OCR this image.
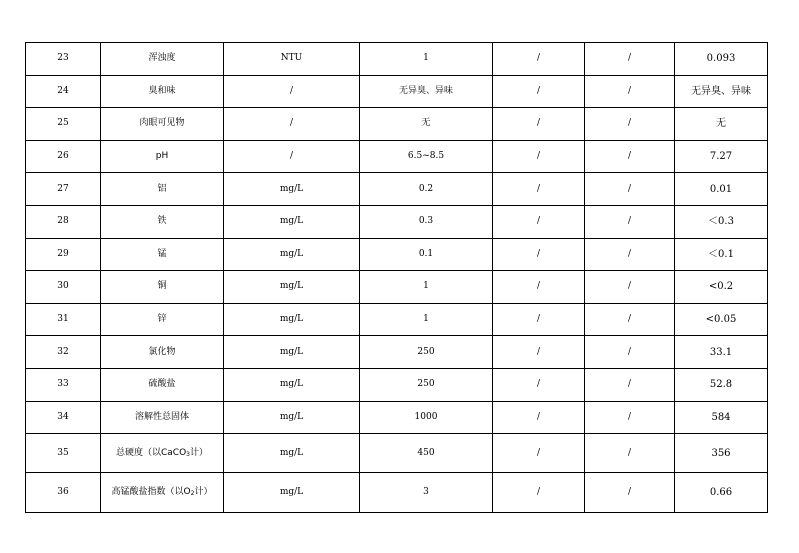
23	浑浊度	NTU	1	/	/	0.093
24	臭和味	/	无异臭、异味	/	/	无异臭、异味
25	肉眼可见物	/	无	/	/	无
26	pH	/	6.5~8.5	/	/	7.27
27	铝	mg/L	0.2	/	/	0.01
28	铁	mg/L	0.3	/	/	＜0.3
29	锰	mg/L	0.1	/	/	＜0.1
30	铜	mg/L	1	/	/	<0.2
31	锌	mg/L	1	/	/	<0.05
32	氯化物	mg/L	250	/	/	33.1
33	硫酸盐	mg/L	250	/	/	52.8
34	溶解性总固体	mg/L	1000	/	/	584
35	总硬度（以CaCO$_3$计）	mg/L	450	/	/	356
36	高锰酸盐指数（以$O_2$计）	mg/L	3	/	/	0.66
